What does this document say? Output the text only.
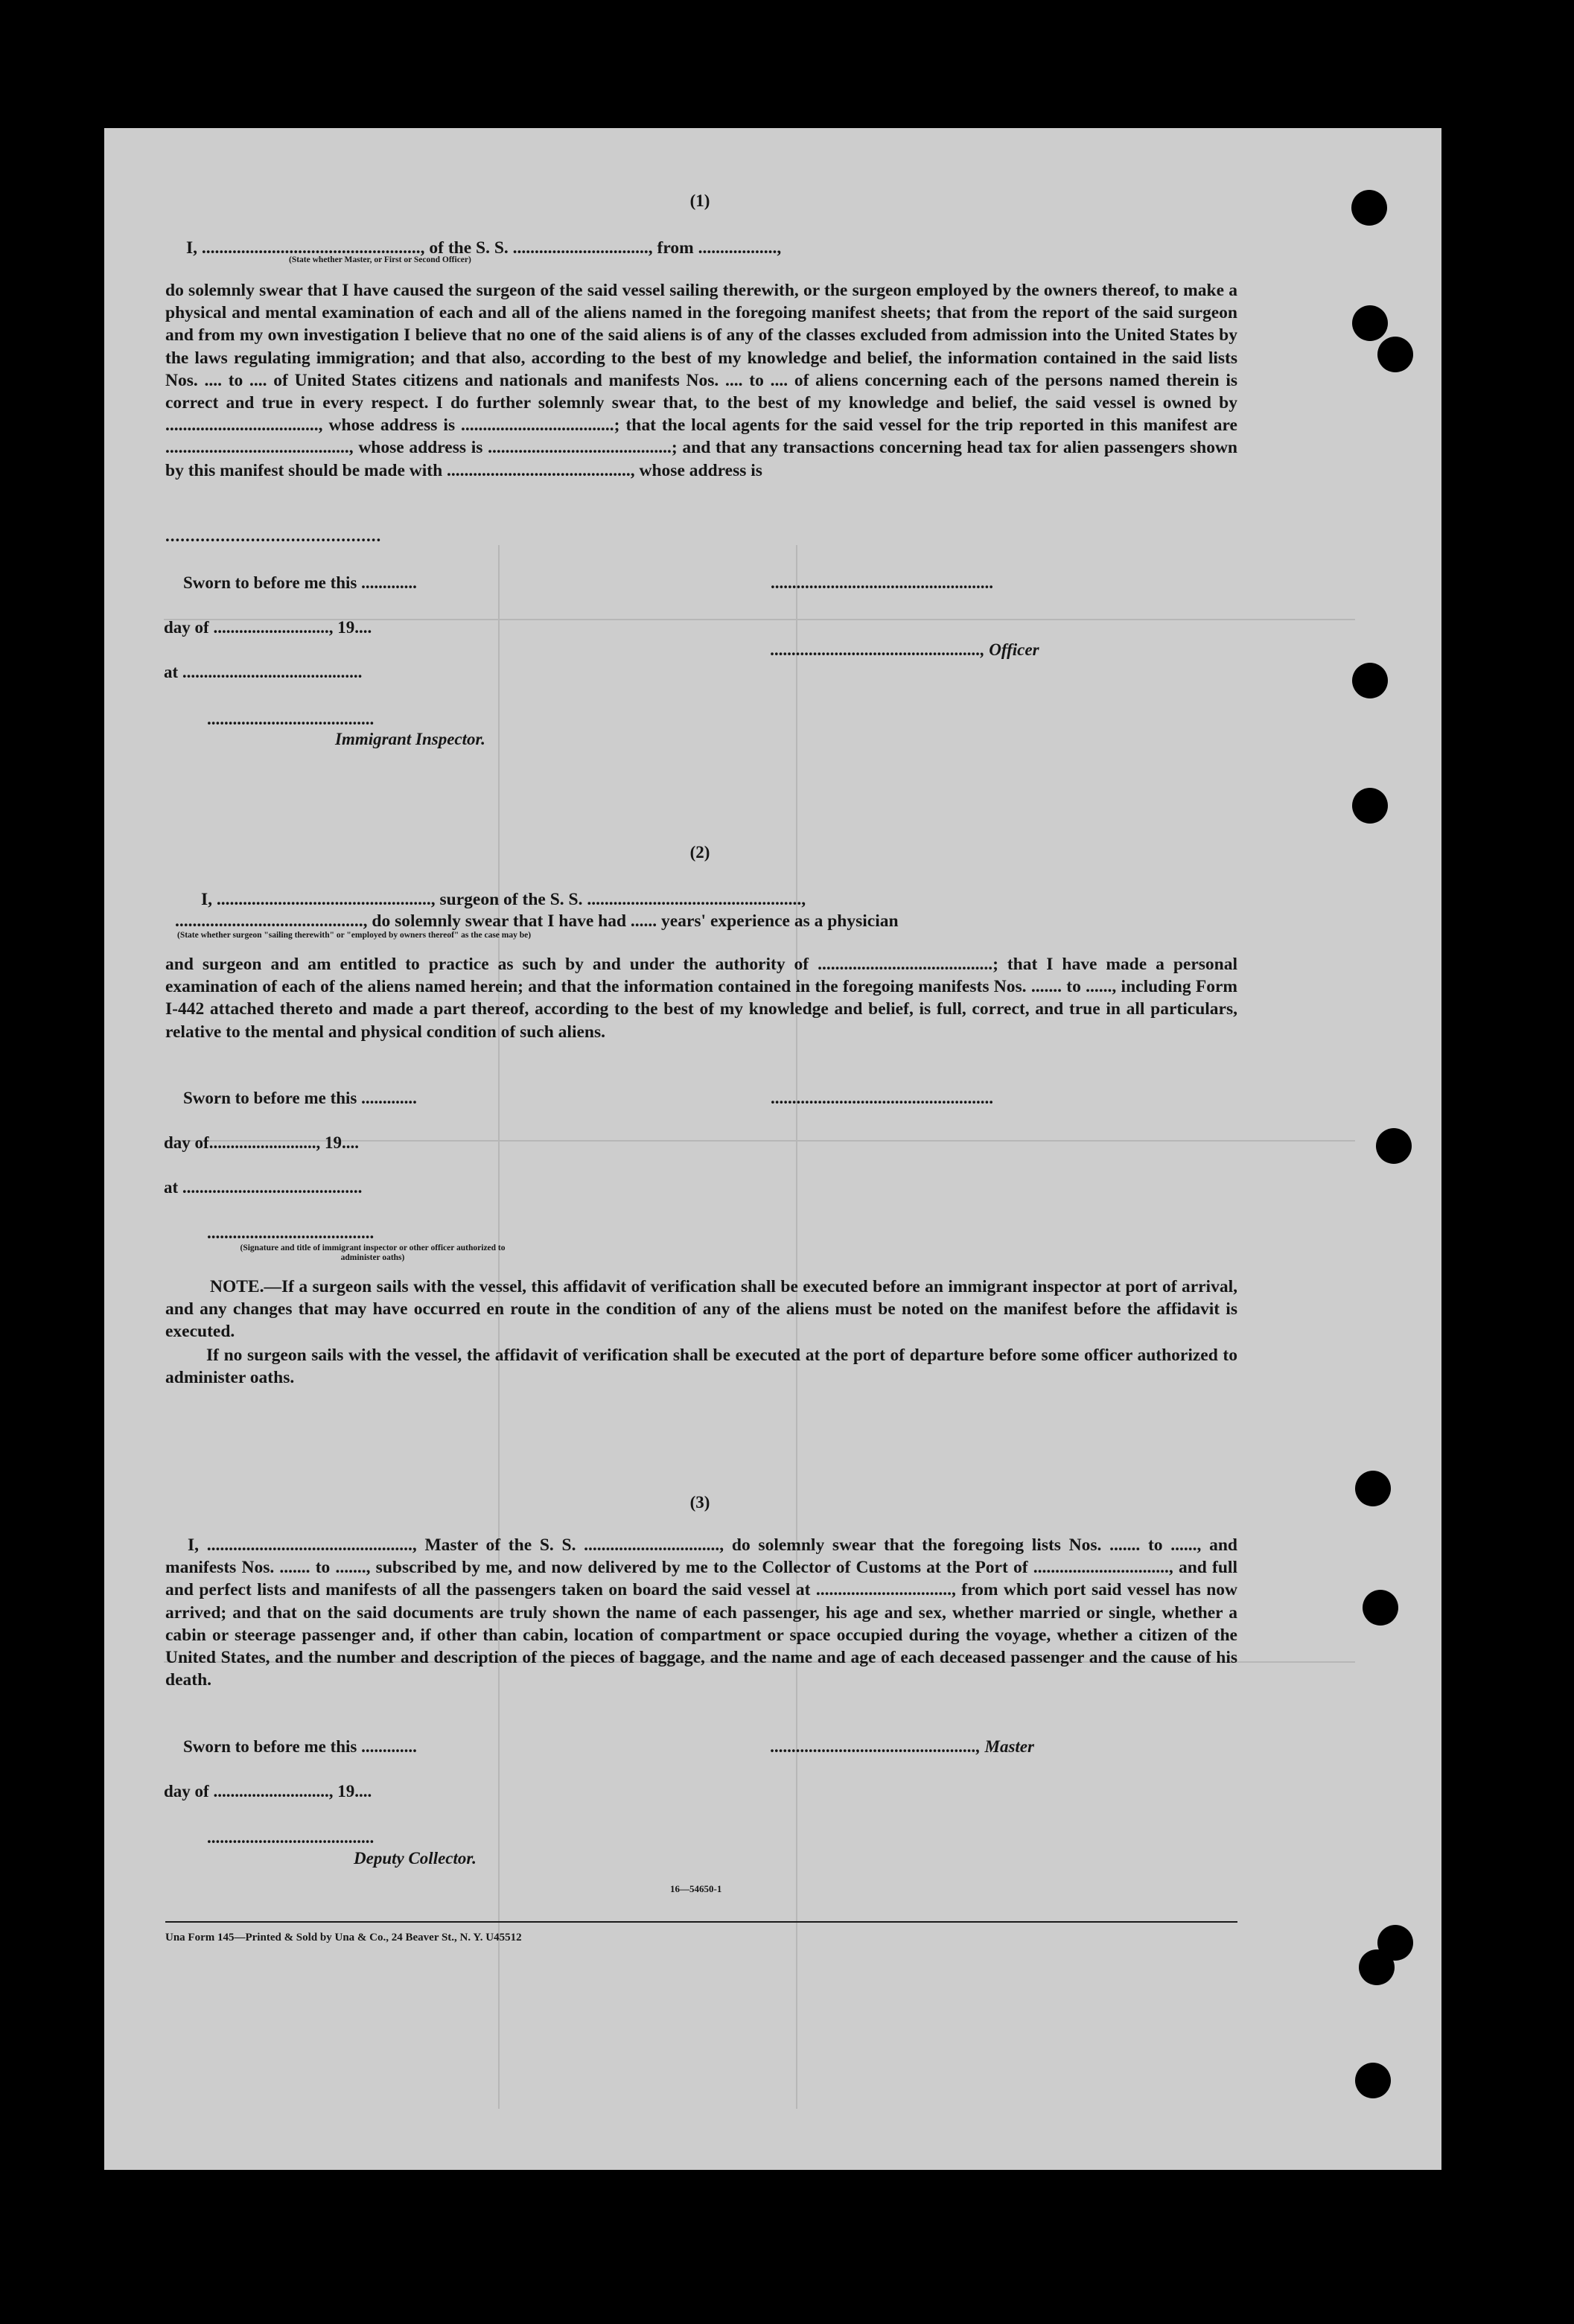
(1)
I, .................................................., of the S. S. ..............................., from ..................,
(State whether Master, or First or Second Officer)
do solemnly swear that I have caused the surgeon of the said vessel sailing therewith, or the surgeon employed by the owners thereof, to make a physical and mental examination of each and all of the aliens named in the foregoing manifest sheets; that from the report of the said surgeon and from my own investigation I believe that no one of the said aliens is of any of the classes excluded from admission into the United States by the laws regulating immigration; and that also, according to the best of my knowledge and belief, the information contained in the said lists Nos. .... to .... of United States citizens and nationals and manifests Nos. .... to .... of aliens concerning each of the persons named therein is correct and true in every respect. I do further solemnly swear that, to the best of my knowledge and belief, the said vessel is owned by ..................................., whose address is ...................................; that the local agents for the said vessel for the trip reported in this manifest are .........................................., whose address is ..........................................; and that any transactions concerning head tax for alien passengers shown by this manifest should be made with .........................................., whose address is
...........................................
Sworn to before me this .............	....................................................
day of ..........................., 19....
................................................., Officer
at ..........................................
.......................................
Immigrant Inspector.
(2)
I, ................................................., surgeon of the S. S. .................................................,
..........................................., do solemnly swear that I have had ...... years' experience as a physician
(State whether surgeon "sailing therewith" or "employed by owners thereof" as the case may be)
and surgeon and am entitled to practice as such by and under the authority of ........................................; that I have made a personal examination of each of the aliens named herein; and that the information contained in the foregoing manifests Nos. ....... to ......, including Form I-442 attached thereto and made a part thereof, according to the best of my knowledge and belief, is full, correct, and true in all particulars, relative to the mental and physical condition of such aliens.
Sworn to before me this .............	....................................................
day of........................., 19....
at ..........................................
.......................................
(Signature and title of immigrant inspector or other officer authorized to administer oaths)
NOTE.—If a surgeon sails with the vessel, this affidavit of verification shall be executed before an immigrant inspector at port of arrival, and any changes that may have occurred en route in the condition of any of the aliens must be noted on the manifest before the affidavit is executed.
If no surgeon sails with the vessel, the affidavit of verification shall be executed at the port of departure before some officer authorized to administer oaths.
(3)
I, ..............................................., Master of the S. S. ..............................., do solemnly swear that the foregoing lists Nos. ....... to ......, and manifests Nos. ....... to ......., subscribed by me, and now delivered by me to the Collector of Customs at the Port of ..............................., and full and perfect lists and manifests of all the passengers taken on board the said vessel at ..............................., from which port said vessel has now arrived; and that on the said documents are truly shown the name of each passenger, his age and sex, whether married or single, whether a cabin or steerage passenger and, if other than cabin, location of compartment or space occupied during the voyage, whether a citizen of the United States, and the number and description of the pieces of baggage, and the name and age of each deceased passenger and the cause of his death.
Sworn to before me this .............	................................................, Master
day of ..........................., 19....
.......................................
Deputy Collector.
16—54650-1
Una Form 145—Printed & Sold by Una & Co., 24 Beaver St., N. Y. U45512
